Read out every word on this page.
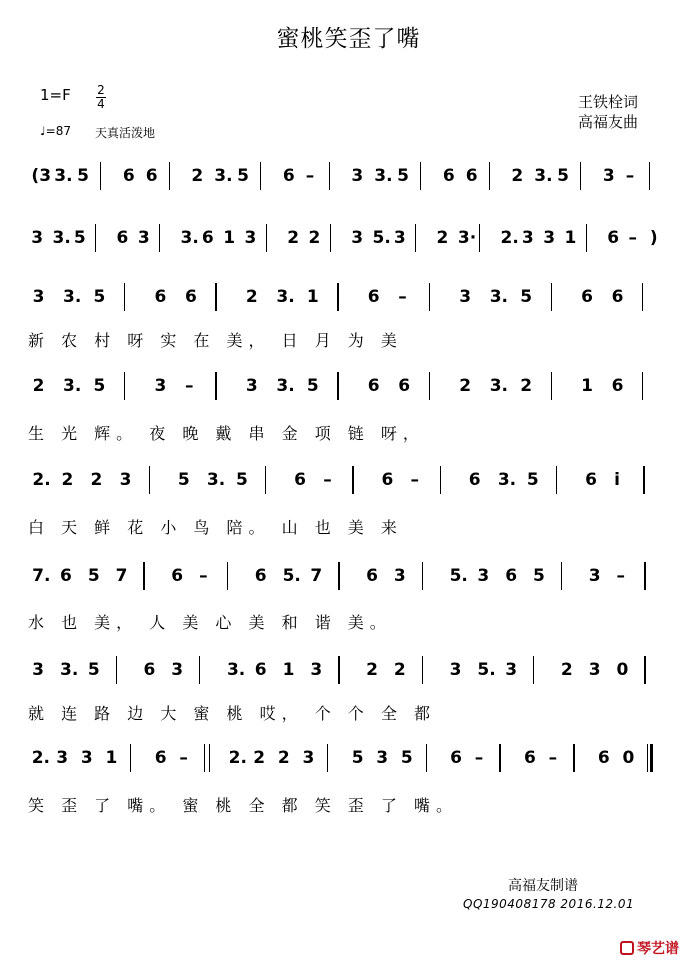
蜜桃笑歪了嘴
$1=F \frac{2}{4}$
♩=87 天真活泼地
王铁栓词
高福友曲
(3 3. 5 6 6 2 3. 5 6 – 3 3. 5 6 6 2 3. 5 3 –
3 3. 5 6 3 3. 6 1 3 2 2 3 5. 3 2 3· 2. 3 3 1 6 – )
3 3. 5	6 6	2 3. 1	6 –	3 3. 5	6 6
2 3. 5	3 –	3 3. 5	6 6	2 3. 2	1 6
2. 2 2 3	5 3. 5	6 –	6 –	6 3. 5	6 i
7. 6 5 7	6 –	6 5. 7	6 3	5. 3 6 5	3 –
3 3. 5	6 3	3. 6 1 3	2 2	3 5. 3	2 3 0
2. 3 3 1 6 – 2. 2 2 3 5 3 5 6 – 6 – 6 0
新 农 村 呀 实 在 美， 日 月 为 美
生 光 辉。 夜 晚 戴 串 金 项 链 呀，
白 天 鲜 花 小 鸟 陪。 山 也 美 来
水 也 美， 人 美 心 美 和 谐 美。
就 连 路 边 大 蜜 桃 哎， 个 个 全 都
笑 歪 了 嘴。 蜜 桃 全 都 笑 歪 了 嘴。
高福友制谱
QQ190408178 2016.12.01
琴艺谱
